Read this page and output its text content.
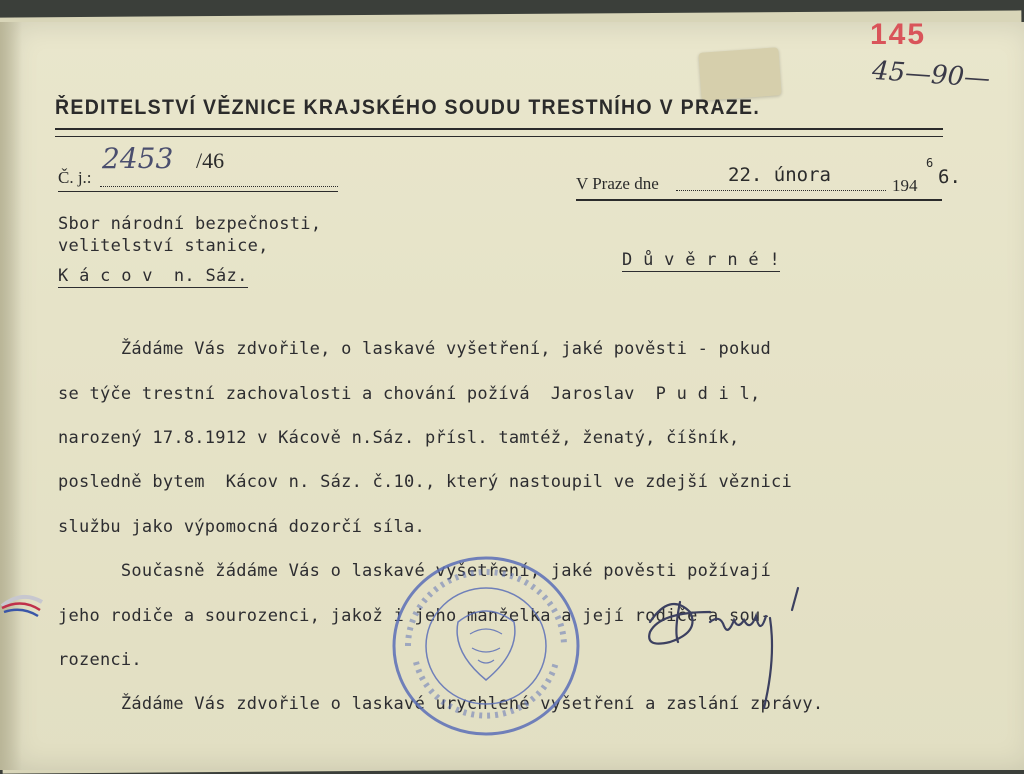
145
45—90—
ŘEDITELSTVÍ VĚZNICE KRAJSKÉHO SOUDU TRESTNÍHO V PRAZE.
Č. j.:
2453 /46
V Praze dne	22. února	194
6
6.
Sbor národní bezpečnosti,
velitelství stanice,
K á c o v  n. Sáz.
D ů v ě r n é !

Žádáme Vás zdvořile, o laskavé vyšetření, jaké pověsti - pokud

se týče trestní zachovalosti a chování požívá  Jaroslav  P u d i l,

narozený 17.8.1912 v Kácově n.Sáz. přísl. tamtéž, ženatý, číšník,

posledně bytem  Kácov n. Sáz. č.10., který nastoupil ve zdejší věznici

službu jako výpomocná dozorčí síla.

Současně žádáme Vás o laskavé vyšetření, jaké pověsti požívají

jeho rodiče a sourozenci, jakož i jeho manželka a její rodiče a sou-

rozenci.

Žádáme Vás zdvořile o laskavé urychlené vyšetření a zaslání zprávy.
